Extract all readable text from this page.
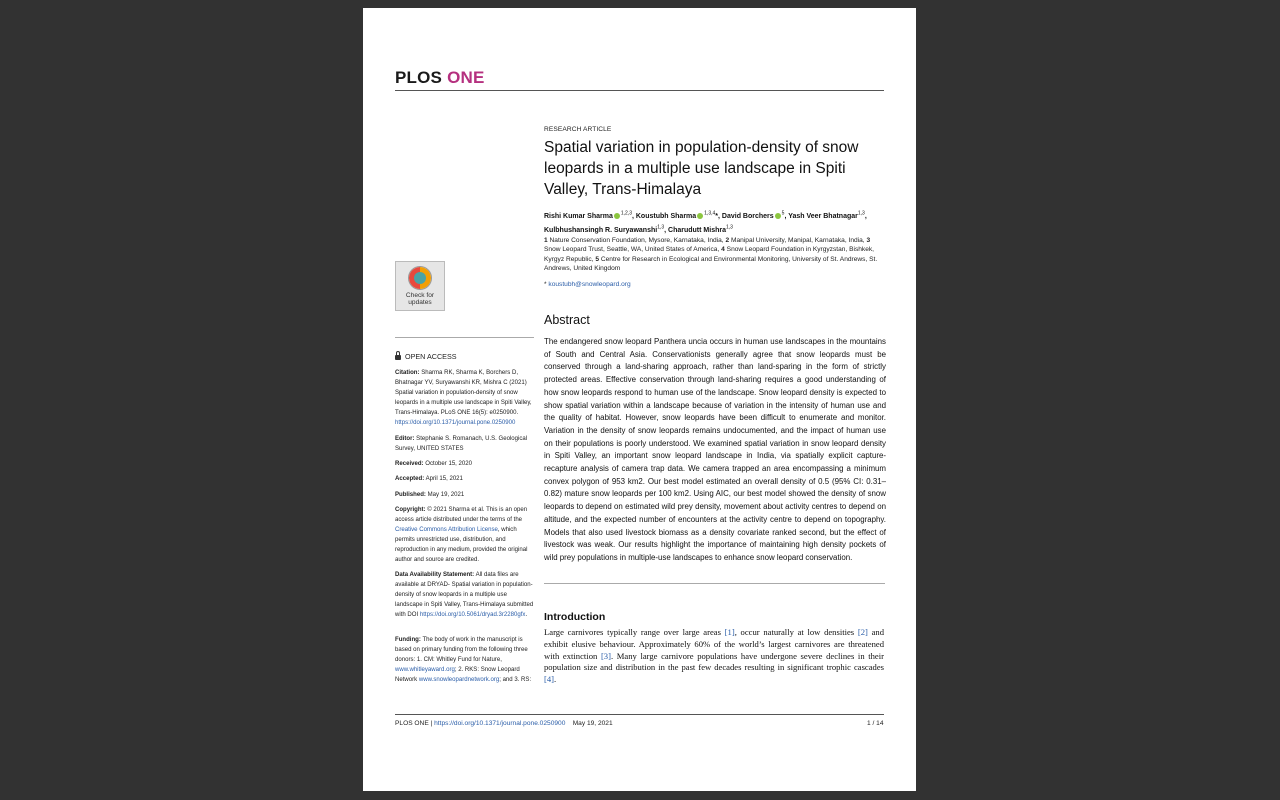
PLOS ONE
RESEARCH ARTICLE
Spatial variation in population-density of snow leopards in a multiple use landscape in Spiti Valley, Trans-Himalaya
Rishi Kumar Sharma $^{1,2,3}$, Koustubh Sharma $^{1,3,4}$*, David Borchers $^5$, Yash Veer Bhatnagar$^{1,3}$, Kulbhushansingh R. Suryawanshi$^{1,3}$, Charudutt Mishra$^{1,3}$
1 Nature Conservation Foundation, Mysore, Karnataka, India, 2 Manipal University, Manipal, Karnataka, India, 3 Snow Leopard Trust, Seattle, WA, United States of America, 4 Snow Leopard Foundation in Kyrgyzstan, Bishkek, Kyrgyz Republic, 5 Centre for Research in Ecological and Environmental Monitoring, University of St. Andrews, St. Andrews, United Kingdom
* koustubh@snowleopard.org
Check for
updates
OPEN ACCESS
Citation: Sharma RK, Sharma K, Borchers D, Bhatnagar YV, Suryawanshi KR, Mishra C (2021) Spatial variation in population-density of snow leopards in a multiple use landscape in Spiti Valley, Trans-Himalaya. PLoS ONE 16(5): e0250900. https://doi.org/10.1371/journal.pone.0250900
Editor: Stephanie S. Romanach, U.S. Geological Survey, UNITED STATES
Received: October 15, 2020
Accepted: April 15, 2021
Published: May 19, 2021
Copyright: © 2021 Sharma et al. This is an open access article distributed under the terms of the Creative Commons Attribution License, which permits unrestricted use, distribution, and reproduction in any medium, provided the original author and source are credited.
Data Availability Statement: All data files are available at DRYAD- Spatial variation in population-density of snow leopards in a multiple use landscape in Spiti Valley, Trans-Himalaya submitted with DOI https://doi.org/10.5061/dryad.3r2280gfx.
Funding: The body of work in the manuscript is based on primary funding from the following three donors: 1. CM: Whitley Fund for Nature, www.whitleyaward.org; 2. RKS: Snow Leopard Network www.snowleopardnetwork.org; and 3. RS:
Abstract
The endangered snow leopard Panthera uncia occurs in human use landscapes in the mountains of South and Central Asia. Conservationists generally agree that snow leopards must be conserved through a land-sharing approach, rather than land-sparing in the form of strictly protected areas. Effective conservation through land-sharing requires a good understanding of how snow leopards respond to human use of the landscape. Snow leopard density is expected to show spatial variation within a landscape because of variation in the intensity of human use and the quality of habitat. However, snow leopards have been difficult to enumerate and monitor. Variation in the density of snow leopards remains undocumented, and the impact of human use on their populations is poorly understood. We examined spatial variation in snow leopard density in Spiti Valley, an important snow leopard landscape in India, via spatially explicit capture-recapture analysis of camera trap data. We camera trapped an area encompassing a minimum convex polygon of 953 km2. Our best model estimated an overall density of 0.5 (95% CI: 0.31–0.82) mature snow leopards per 100 km2. Using AIC, our best model showed the density of snow leopards to depend on estimated wild prey density, movement about activity centres to depend on altitude, and the expected number of encounters at the activity centre to depend on topography. Models that also used livestock biomass as a density covariate ranked second, but the effect of livestock was weak. Our results highlight the importance of maintaining high density pockets of wild prey populations in multiple-use landscapes to enhance snow leopard conservation.
Introduction
Large carnivores typically range over large areas [1], occur naturally at low densities [2] and exhibit elusive behaviour. Approximately 60% of the world’s largest carnivores are threatened with extinction [3]. Many large carnivore populations have undergone severe declines in their population size and distribution in the past few decades resulting in significant trophic cascades [4].
PLOS ONE | https://doi.org/10.1371/journal.pone.0250900 May 19, 2021	1 / 14
